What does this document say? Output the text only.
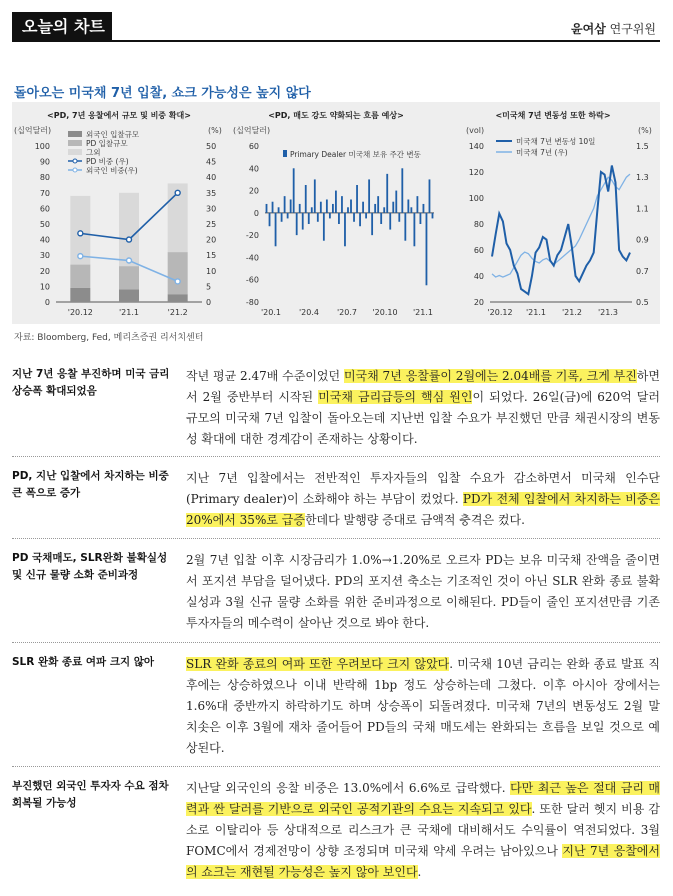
오늘의 차트	윤여삼 연구위원
돌아오는 미국채 7년 입찰, 쇼크 가능성은 높지 않다
<PD, 7년 응찰에서 규모 및 비중 확대>
(십억달러)	(%)
0
10
20
30
40
50
60
70
80
90
100
0
5
10
15
20
25
30
35
40
45
50
'20.12	'21.1	'21.2
외국인 입찰규모
PD 입찰규모
그외
PD 비중 (우)
외국인 비중(우)
<PD, 매도 강도 약화되는 흐름 예상>
(십억달러)
-80
-60
-40
-20
0
20
40
60
'20.1 '20.4 '20.7 '20.10 '21.1
Primary Dealer 미국채 보유 주간 변동
<미국채 7년 변동성 또한 하락>
(vol)	(%)
20
40
60
80
100
120
140
0.5
0.7
0.9
1.1
1.3
1.5
'20.12 '21.1 '21.2 '21.3
미국채 7년 변동성 10일
미국채 7년 (우)
자료: Bloomberg, Fed, 메리츠증권 리서치센터
지난 7년 응찰 부진하며 미국 금리 상승폭 확대되었음
작년 평균 2.47배 수준이었던 미국채 7년 응찰률이 2월에는 2.04배를 기록, 크게 부진하면서 2월 중반부터 시작된 미국채 금리급등의 핵심 원인이 되었다. 26일(금)에 620억 달러 규모의 미국채 7년 입찰이 돌아오는데 지난번 입찰 수요가 부진했던 만큼 채권시장의 변동성 확대에 대한 경계감이 존재하는 상황이다.
PD, 지난 입찰에서 차지하는 비중 큰 폭으로 증가
지난 7년 입찰에서는 전반적인 투자자들의 입찰 수요가 감소하면서 미국채 인수단(Primary dealer)이 소화해야 하는 부담이 컸었다. PD가 전체 입찰에서 차지하는 비중은 20%에서 35%로 급증한데다 발행량 증대로 금액적 충격은 컸다.
PD 국채매도, SLR완화 불확실성 및 신규 물량 소화 준비과정
2월 7년 입찰 이후 시장금리가 1.0%→1.20%로 오르자 PD는 보유 미국채 잔액을 줄이면서 포지션 부담을 덜어냈다. PD의 포지션 축소는 기조적인 것이 아닌 SLR 완화 종료 불확실성과 3월 신규 물량 소화를 위한 준비과정으로 이해된다. PD들이 줄인 포지션만큼 기존 투자자들의 메수력이 살아난 것으로 봐야 한다.
SLR 완화 종료 여파 크지 않아	SLR 완화 종료의 여파 또한 우려보다 크지 않았다. 미국채 10년 금리는 완화 종료 발표 직후에는 상승하였으나 이내 반락해 1bp 정도 상승하는데 그쳤다. 이후 아시아 장에서는 1.6%대 중반까지 하락하기도 하며 상승폭이 되돌려졌다. 미국채 7년의 변동성도 2월 말 치솟은 이후 3월에 재차 줄어들어 PD들의 국채 매도세는 완화되는 흐름을 보일 것으로 예상된다.
부진했던 외국인 투자자 수요 점차 회복될 가능성
지난달 외국인의 응찰 비중은 13.0%에서 6.6%로 급락했다. 다만 최근 높은 절대 금리 매력과 싼 달러를 기반으로 외국인 공적기관의 수요는 지속되고 있다. 또한 달러 헷지 비용 감소로 이탈리아 등 상대적으로 리스크가 큰 국채에 대비해서도 수익률이 역전되었다. 3월 FOMC에서 경제전망이 상향 조정되며 미국채 약세 우려는 남아있으나 지난 7년 응찰에서의 쇼크는 재현될 가능성은 높지 않아 보인다.
